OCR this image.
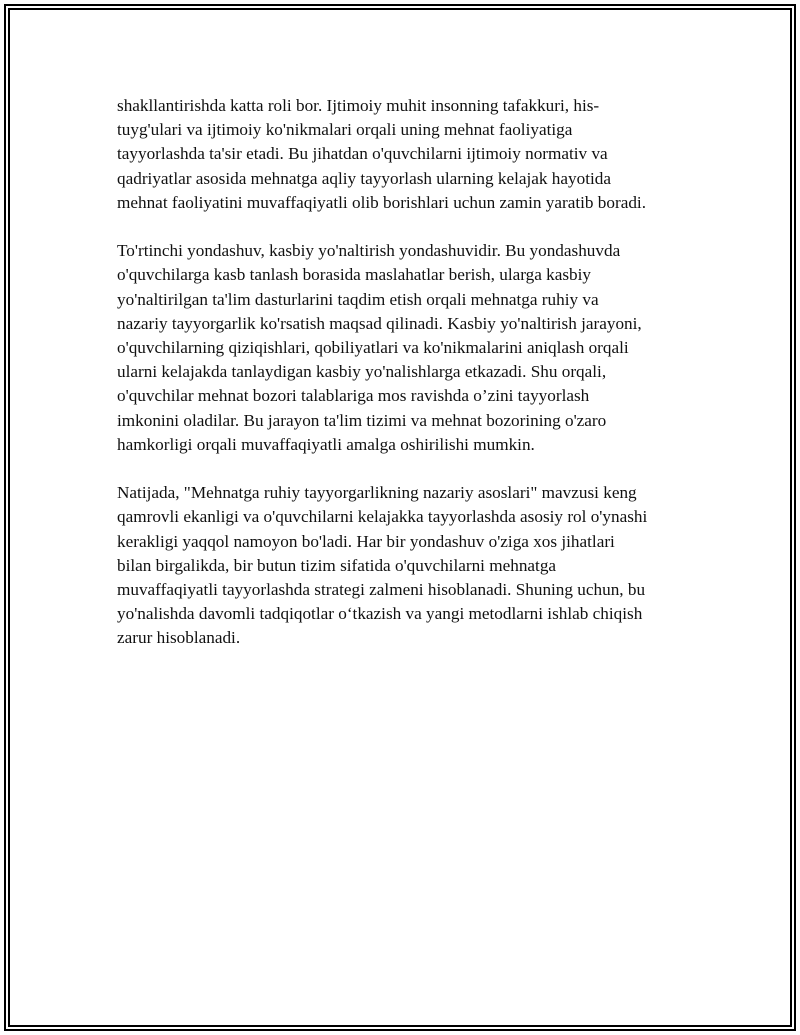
shakllantirishda katta roli bor. Ijtimoiy muhit insonning tafakkuri, his-
tuyg'ulari va ijtimoiy ko'nikmalari orqali uning mehnat faoliyatiga
tayyorlashda ta'sir etadi. Bu jihatdan o'quvchilarni ijtimoiy normativ va
qadriyatlar asosida mehnatga aqliy tayyorlash ularning kelajak hayotida
mehnat faoliyatini muvaffaqiyatli olib borishlari uchun zamin yaratib boradi.

To'rtinchi yondashuv, kasbiy yo'naltirish yondashuvidir. Bu yondashuvda
o'quvchilarga kasb tanlash borasida maslahatlar berish, ularga kasbiy
yo'naltirilgan ta'lim dasturlarini taqdim etish orqali mehnatga ruhiy va
nazariy tayyorgarlik ko'rsatish maqsad qilinadi. Kasbiy yo'naltirish jarayoni,
o'quvchilarning qiziqishlari, qobiliyatlari va ko'nikmalarini aniqlash orqali
ularni kelajakda tanlaydigan kasbiy yo'nalishlarga etkazadi. Shu orqali,
o'quvchilar mehnat bozori talablariga mos ravishda o’zini tayyorlash
imkonini oladilar. Bu jarayon ta'lim tizimi va mehnat bozorining o'zaro
hamkorligi orqali muvaffaqiyatli amalga oshirilishi mumkin.

Natijada, "Mehnatga ruhiy tayyorgarlikning nazariy asoslari" mavzusi keng
qamrovli ekanligi va o'quvchilarni kelajakka tayyorlashda asosiy rol o'ynashi
kerakligi yaqqol namoyon bo'ladi. Har bir yondashuv o'ziga xos jihatlari
bilan birgalikda, bir butun tizim sifatida o'quvchilarni mehnatga
muvaffaqiyatli tayyorlashda strategi zalmeni hisoblanadi. Shuning uchun, bu
yo'nalishda davomli tadqiqotlar o‘tkazish va yangi metodlarni ishlab chiqish
zarur hisoblanadi.
